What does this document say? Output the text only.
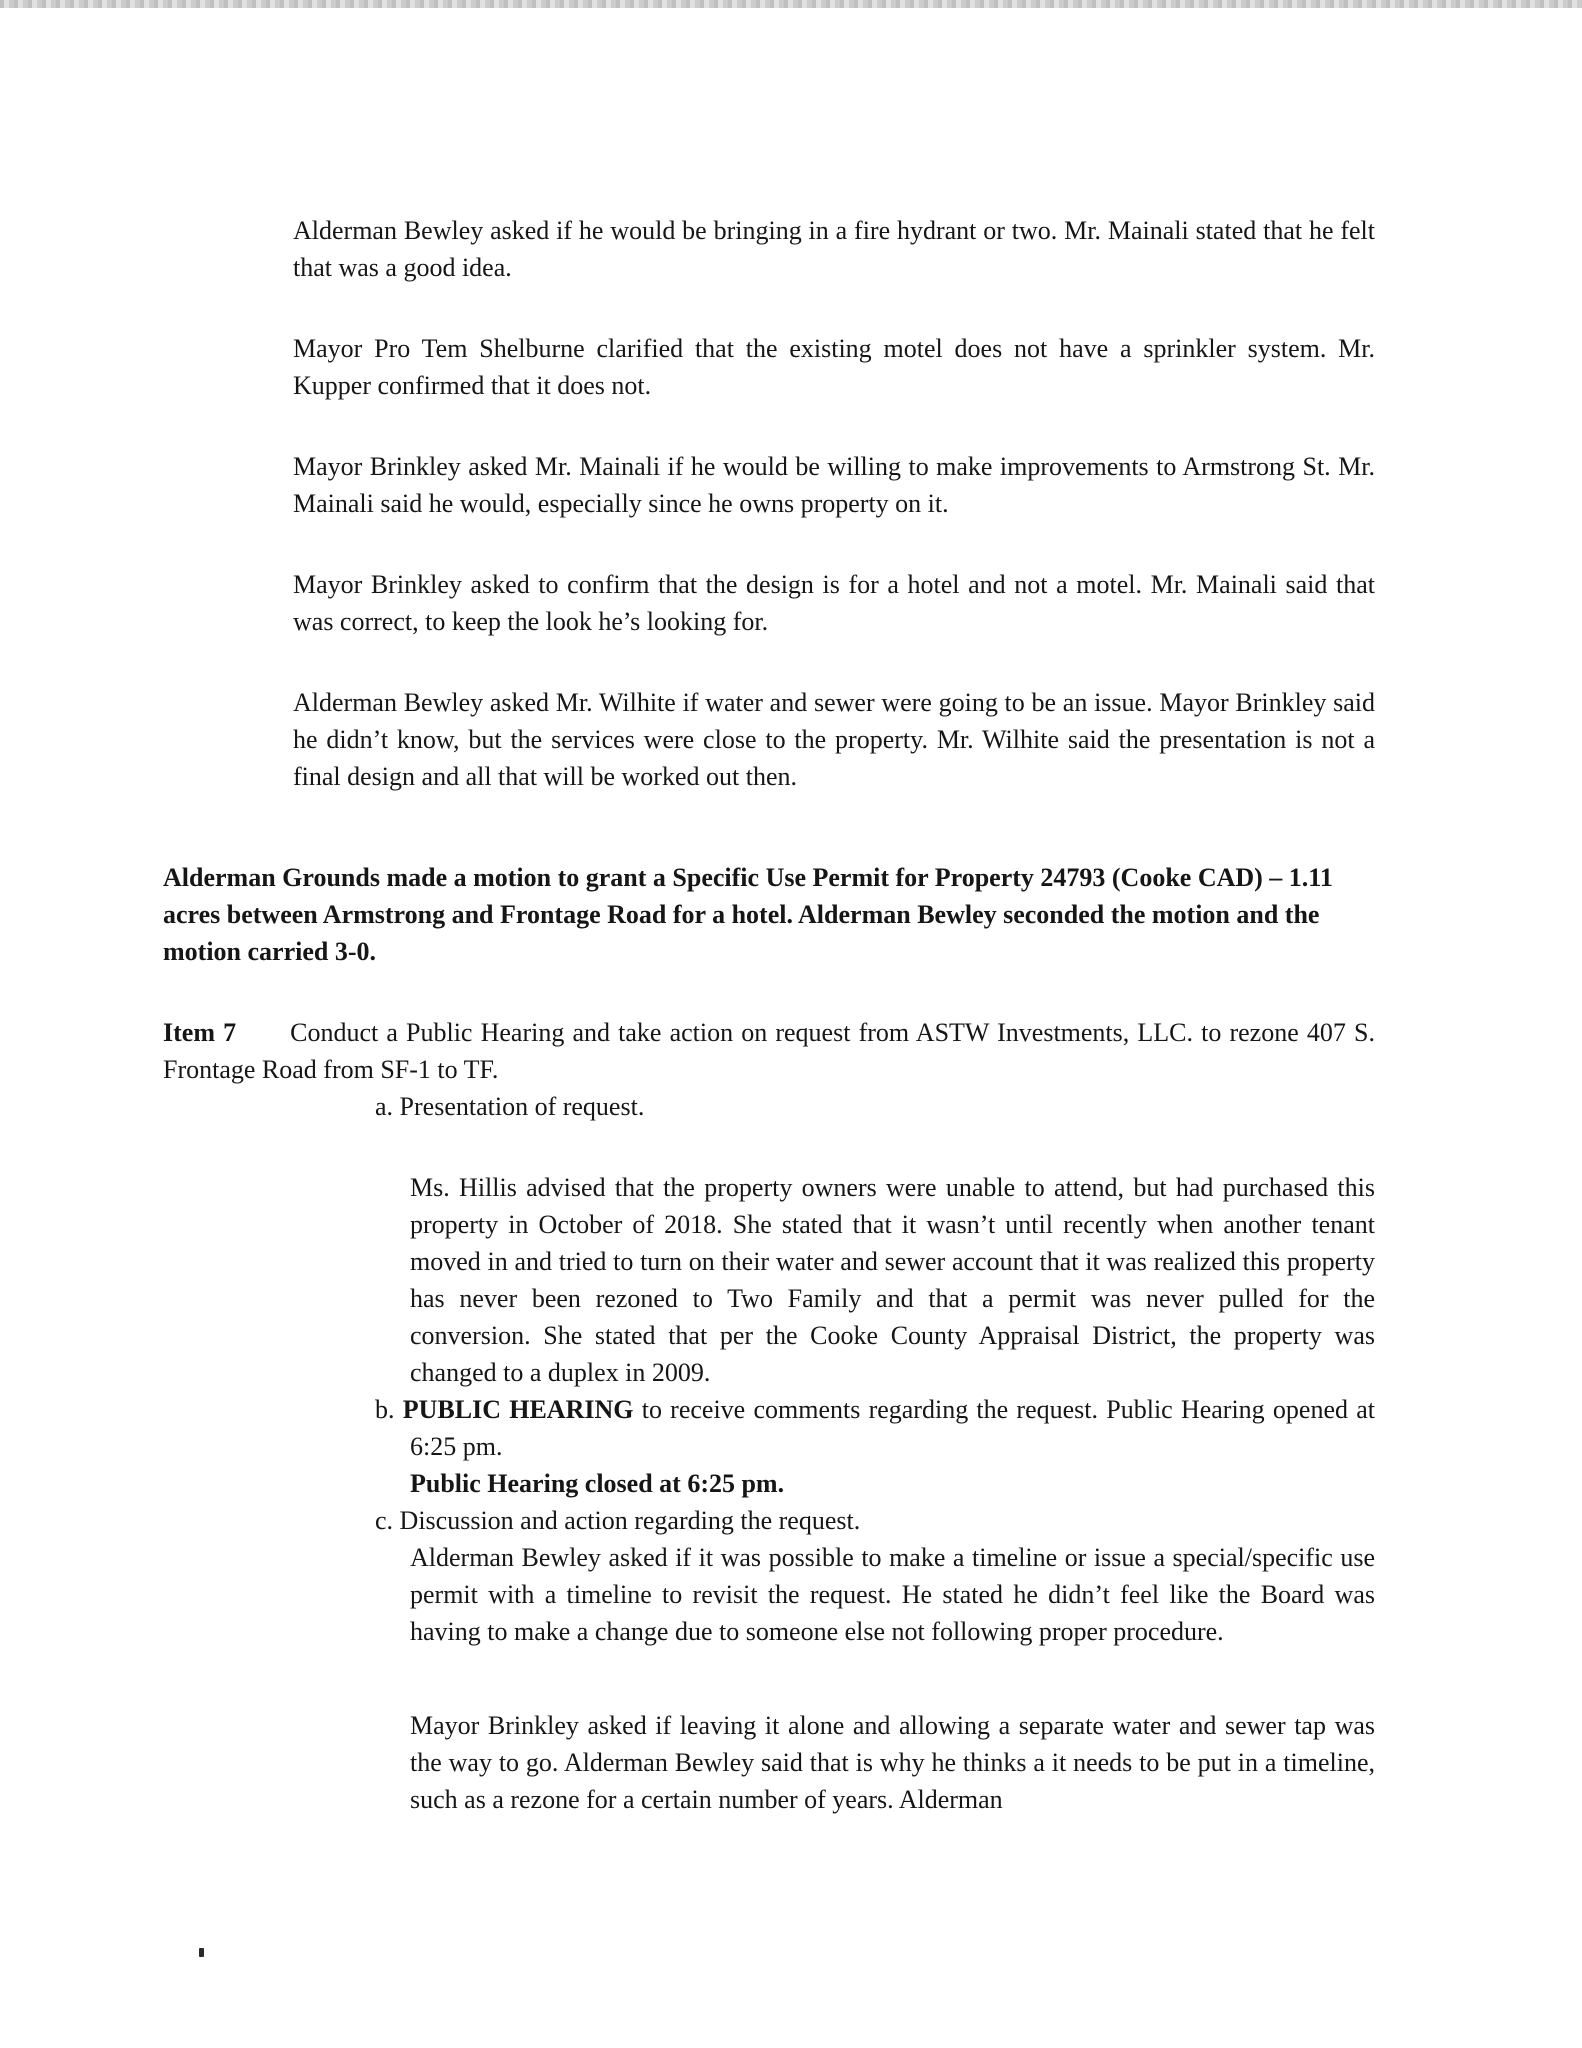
Alderman Bewley asked if he would be bringing in a fire hydrant or two. Mr. Mainali stated that he felt that was a good idea.

Mayor Pro Tem Shelburne clarified that the existing motel does not have a sprinkler system. Mr. Kupper confirmed that it does not.

Mayor Brinkley asked Mr. Mainali if he would be willing to make improvements to Armstrong St. Mr. Mainali said he would, especially since he owns property on it.

Mayor Brinkley asked to confirm that the design is for a hotel and not a motel. Mr. Mainali said that was correct, to keep the look he’s looking for.

Alderman Bewley asked Mr. Wilhite if water and sewer were going to be an issue. Mayor Brinkley said he didn’t know, but the services were close to the property. Mr. Wilhite said the presentation is not a final design and all that will be worked out then.

Alderman Grounds made a motion to grant a Specific Use Permit for Property 24793 (Cooke CAD) – 1.11 acres between Armstrong and Frontage Road for a hotel. Alderman Bewley seconded the motion and the motion carried 3-0.

Item 7 Conduct a Public Hearing and take action on request from ASTW Investments, LLC. to rezone 407 S. Frontage Road from SF-1 to TF.

a. Presentation of request.

Ms. Hillis advised that the property owners were unable to attend, but had purchased this property in October of 2018. She stated that it wasn’t until recently when another tenant moved in and tried to turn on their water and sewer account that it was realized this property has never been rezoned to Two Family and that a permit was never pulled for the conversion. She stated that per the Cooke County Appraisal District, the property was changed to a duplex in 2009.

b. PUBLIC HEARING to receive comments regarding the request. Public Hearing opened at 6:25 pm.

Public Hearing closed at 6:25 pm.

c. Discussion and action regarding the request.

Alderman Bewley asked if it was possible to make a timeline or issue a special/specific use permit with a timeline to revisit the request. He stated he didn’t feel like the Board was having to make a change due to someone else not following proper procedure.

Mayor Brinkley asked if leaving it alone and allowing a separate water and sewer tap was the way to go. Alderman Bewley said that is why he thinks a it needs to be put in a timeline, such as a rezone for a certain number of years. Alderman
